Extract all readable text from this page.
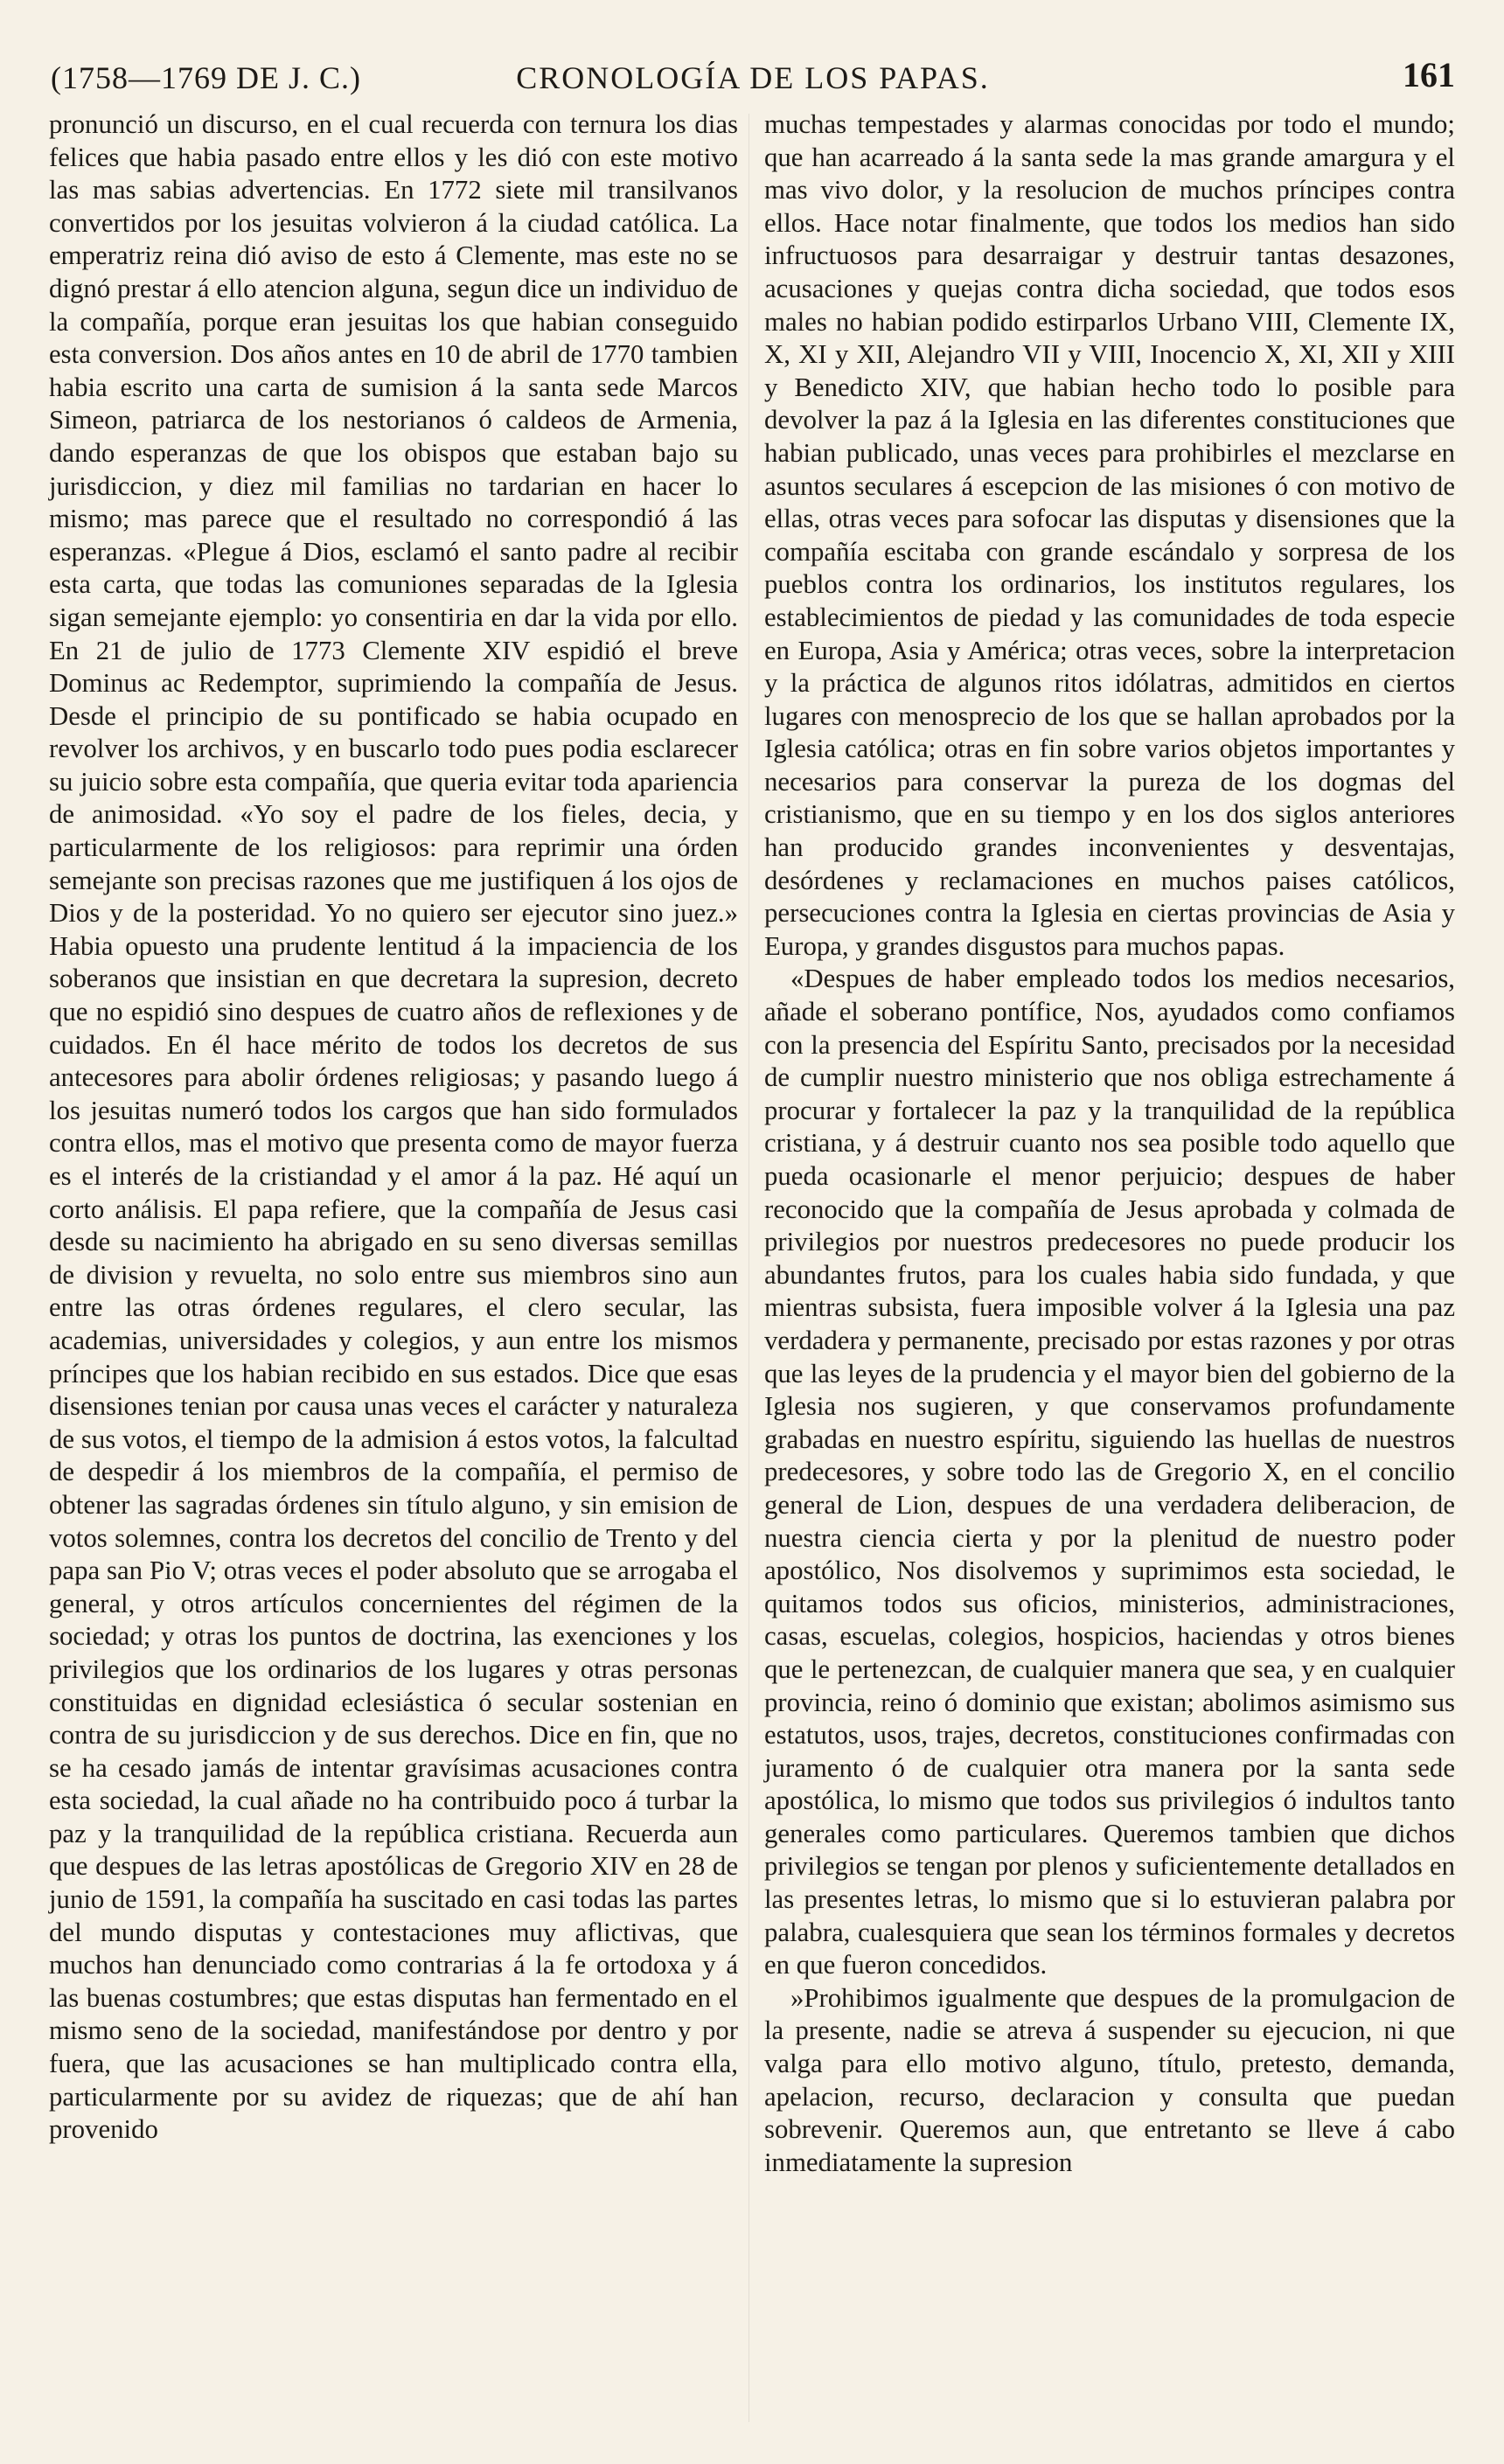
(1758—1769 DE J. C.)	CRONOLOGÍA DE LOS PAPAS.	161

pronunció un discurso, en el cual recuerda con ternura los dias felices que habia pasado entre ellos y les dió con este motivo las mas sabias advertencias. En 1772 siete mil transilvanos convertidos por los jesuitas volvieron á la ciudad católica. La emperatriz reina dió aviso de esto á Clemente, mas este no se dignó prestar á ello atencion alguna, segun dice un individuo de la compañía, porque eran jesuitas los que habian conseguido esta conversion. Dos años antes en 10 de abril de 1770 tambien habia escrito una carta de sumision á la santa sede Marcos Simeon, patriarca de los nestorianos ó caldeos de Armenia, dando esperanzas de que los obispos que estaban bajo su jurisdiccion, y diez mil familias no tardarian en hacer lo mismo; mas parece que el resultado no correspondió á las esperanzas. «Plegue á Dios, esclamó el santo padre al recibir esta carta, que todas las comuniones separadas de la Iglesia sigan semejante ejemplo: yo consentiria en dar la vida por ello. En 21 de julio de 1773 Clemente XIV espidió el breve Dominus ac Redemptor, suprimiendo la compañía de Jesus. Desde el principio de su pontificado se habia ocupado en revolver los archivos, y en buscarlo todo pues podia esclarecer su juicio sobre esta compañía, que queria evitar toda apariencia de animosidad. «Yo soy el padre de los fieles, decia, y particularmente de los religiosos: para reprimir una órden semejante son precisas razones que me justifiquen á los ojos de Dios y de la posteridad. Yo no quiero ser ejecutor sino juez.» Habia opuesto una prudente lentitud á la impaciencia de los soberanos que insistian en que decretara la supresion, decreto que no espidió sino despues de cuatro años de reflexiones y de cuidados. En él hace mérito de todos los decretos de sus antecesores para abolir órdenes religiosas; y pasando luego á los jesuitas numeró todos los cargos que han sido formulados contra ellos, mas el motivo que presenta como de mayor fuerza es el interés de la cristiandad y el amor á la paz. Hé aquí un corto análisis. El papa refiere, que la compañía de Jesus casi desde su nacimiento ha abrigado en su seno diversas semillas de division y revuelta, no solo entre sus miembros sino aun entre las otras órdenes regulares, el clero secular, las academias, universidades y colegios, y aun entre los mismos príncipes que los habian recibido en sus estados. Dice que esas disensiones tenian por causa unas veces el carácter y naturaleza de sus votos, el tiempo de la admision á estos votos, la falcultad de despedir á los miembros de la compañía, el permiso de obtener las sagradas órdenes sin título alguno, y sin emision de votos solemnes, contra los decretos del concilio de Trento y del papa san Pio V; otras veces el poder absoluto que se arrogaba el general, y otros artículos concernientes del régimen de la sociedad; y otras los puntos de doctrina, las exenciones y los privilegios que los ordinarios de los lugares y otras personas constituidas en dignidad eclesiástica ó secular sostenian en contra de su jurisdiccion y de sus derechos. Dice en fin, que no se ha cesado jamás de intentar gravísimas acusaciones contra esta sociedad, la cual añade no ha contribuido poco á turbar la paz y la tranquilidad de la república cristiana. Recuerda aun que despues de las letras apostólicas de Gregorio XIV en 28 de junio de 1591, la compañía ha suscitado en casi todas las partes del mundo disputas y contestaciones muy aflictivas, que muchos han denunciado como contrarias á la fe ortodoxa y á las buenas costumbres; que estas disputas han fermentado en el mismo seno de la sociedad, manifestándose por dentro y por fuera, que las acusaciones se han multiplicado contra ella, particularmente por su avidez de riquezas; que de ahí han provenido

muchas tempestades y alarmas conocidas por todo el mundo; que han acarreado á la santa sede la mas grande amargura y el mas vivo dolor, y la resolucion de muchos príncipes contra ellos. Hace notar finalmente, que todos los medios han sido infructuosos para desarraigar y destruir tantas desazones, acusaciones y quejas contra dicha sociedad, que todos esos males no habian podido estirparlos Urbano VIII, Clemente IX, X, XI y XII, Alejandro VII y VIII, Inocencio X, XI, XII y XIII y Benedicto XIV, que habian hecho todo lo posible para devolver la paz á la Iglesia en las diferentes constituciones que habian publicado, unas veces para prohibirles el mezclarse en asuntos seculares á escepcion de las misiones ó con motivo de ellas, otras veces para sofocar las disputas y disensiones que la compañía escitaba con grande escándalo y sorpresa de los pueblos contra los ordinarios, los institutos regulares, los establecimientos de piedad y las comunidades de toda especie en Europa, Asia y América; otras veces, sobre la interpretacion y la práctica de algunos ritos idólatras, admitidos en ciertos lugares con menosprecio de los que se hallan aprobados por la Iglesia católica; otras en fin sobre varios objetos importantes y necesarios para conservar la pureza de los dogmas del cristianismo, que en su tiempo y en los dos siglos anteriores han producido grandes inconvenientes y desventajas, desórdenes y reclamaciones en muchos paises católicos, persecuciones contra la Iglesia en ciertas provincias de Asia y Europa, y grandes disgustos para muchos papas.

«Despues de haber empleado todos los medios necesarios, añade el soberano pontífice, Nos, ayudados como confiamos con la presencia del Espíritu Santo, precisados por la necesidad de cumplir nuestro ministerio que nos obliga estrechamente á procurar y fortalecer la paz y la tranquilidad de la república cristiana, y á destruir cuanto nos sea posible todo aquello que pueda ocasionarle el menor perjuicio; despues de haber reconocido que la compañía de Jesus aprobada y colmada de privilegios por nuestros predecesores no puede producir los abundantes frutos, para los cuales habia sido fundada, y que mientras subsista, fuera imposible volver á la Iglesia una paz verdadera y permanente, precisado por estas razones y por otras que las leyes de la prudencia y el mayor bien del gobierno de la Iglesia nos sugieren, y que conservamos profundamente grabadas en nuestro espíritu, siguiendo las huellas de nuestros predecesores, y sobre todo las de Gregorio X, en el concilio general de Lion, despues de una verdadera deliberacion, de nuestra ciencia cierta y por la plenitud de nuestro poder apostólico, Nos disolvemos y suprimimos esta sociedad, le quitamos todos sus oficios, ministerios, administraciones, casas, escuelas, colegios, hospicios, haciendas y otros bienes que le pertenezcan, de cualquier manera que sea, y en cualquier provincia, reino ó dominio que existan; abolimos asimismo sus estatutos, usos, trajes, decretos, constituciones confirmadas con juramento ó de cualquier otra manera por la santa sede apostólica, lo mismo que todos sus privilegios ó indultos tanto generales como particulares. Queremos tambien que dichos privilegios se tengan por plenos y suficientemente detallados en las presentes letras, lo mismo que si lo estuvieran palabra por palabra, cualesquiera que sean los términos formales y decretos en que fueron concedidos.

»Prohibimos igualmente que despues de la promulgacion de la presente, nadie se atreva á suspender su ejecucion, ni que valga para ello motivo alguno, título, pretesto, demanda, apelacion, recurso, declaracion y consulta que puedan sobrevenir. Queremos aun, que entretanto se lleve á cabo inmediatamente la supresion
